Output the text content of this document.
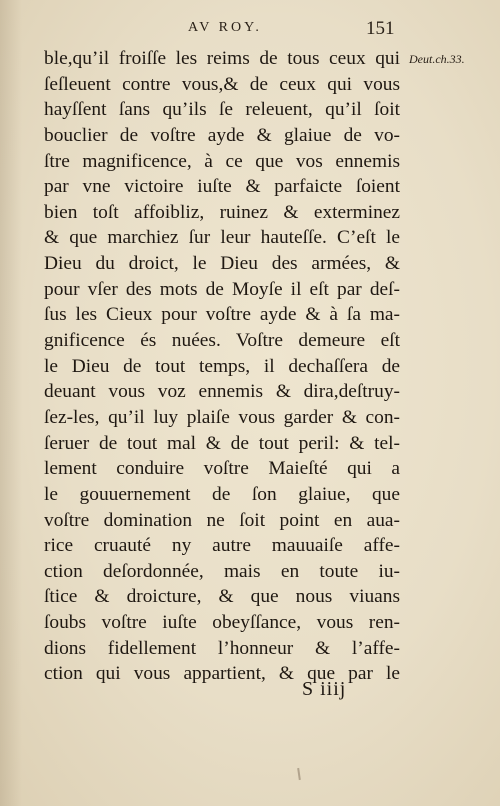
AV ROY.	151
Deut.ch.33.
ble,qu’il froiſſe les reims de tous ceux qui
ſeſleuent contre vous,& de ceux qui vous
hayſſent ſans qu’ils ſe releuent, qu’il ſoit
bouclier de voſtre ayde & glaiue de vo-
ſtre magnificence, à ce que vos ennemis
par vne victoire iuſte & parfaicte ſoient
bien toſt affoibliz, ruinez & exterminez
& que marchiez ſur leur hauteſſe. C’eſt le
Dieu du droict, le Dieu des armées, &
pour vſer des mots de Moyſe il eſt par deſ-
ſus les Cieux pour voſtre ayde & à ſa ma-
gnificence és nuées. Voſtre demeure eſt
le Dieu de tout temps, il dechaſſera de
deuant vous voz ennemis & dira,deſtruy-
ſez-les, qu’il luy plaiſe vous garder & con-
ſeruer de tout mal & de tout peril: & tel-
lement conduire voſtre Maieſté qui a
le gouuernement de ſon glaiue, que
voſtre domination ne ſoit point en aua-
rice cruauté ny autre mauuaiſe affe-
ction deſordonnée, mais en toute iu-
ſtice & droicture, & que nous viuans
ſoubs voſtre iuſte obeyſſance, vous ren-
dions fidellement l’honneur & l’affe-
ction qui vous appartient, & que par le
S iiij
